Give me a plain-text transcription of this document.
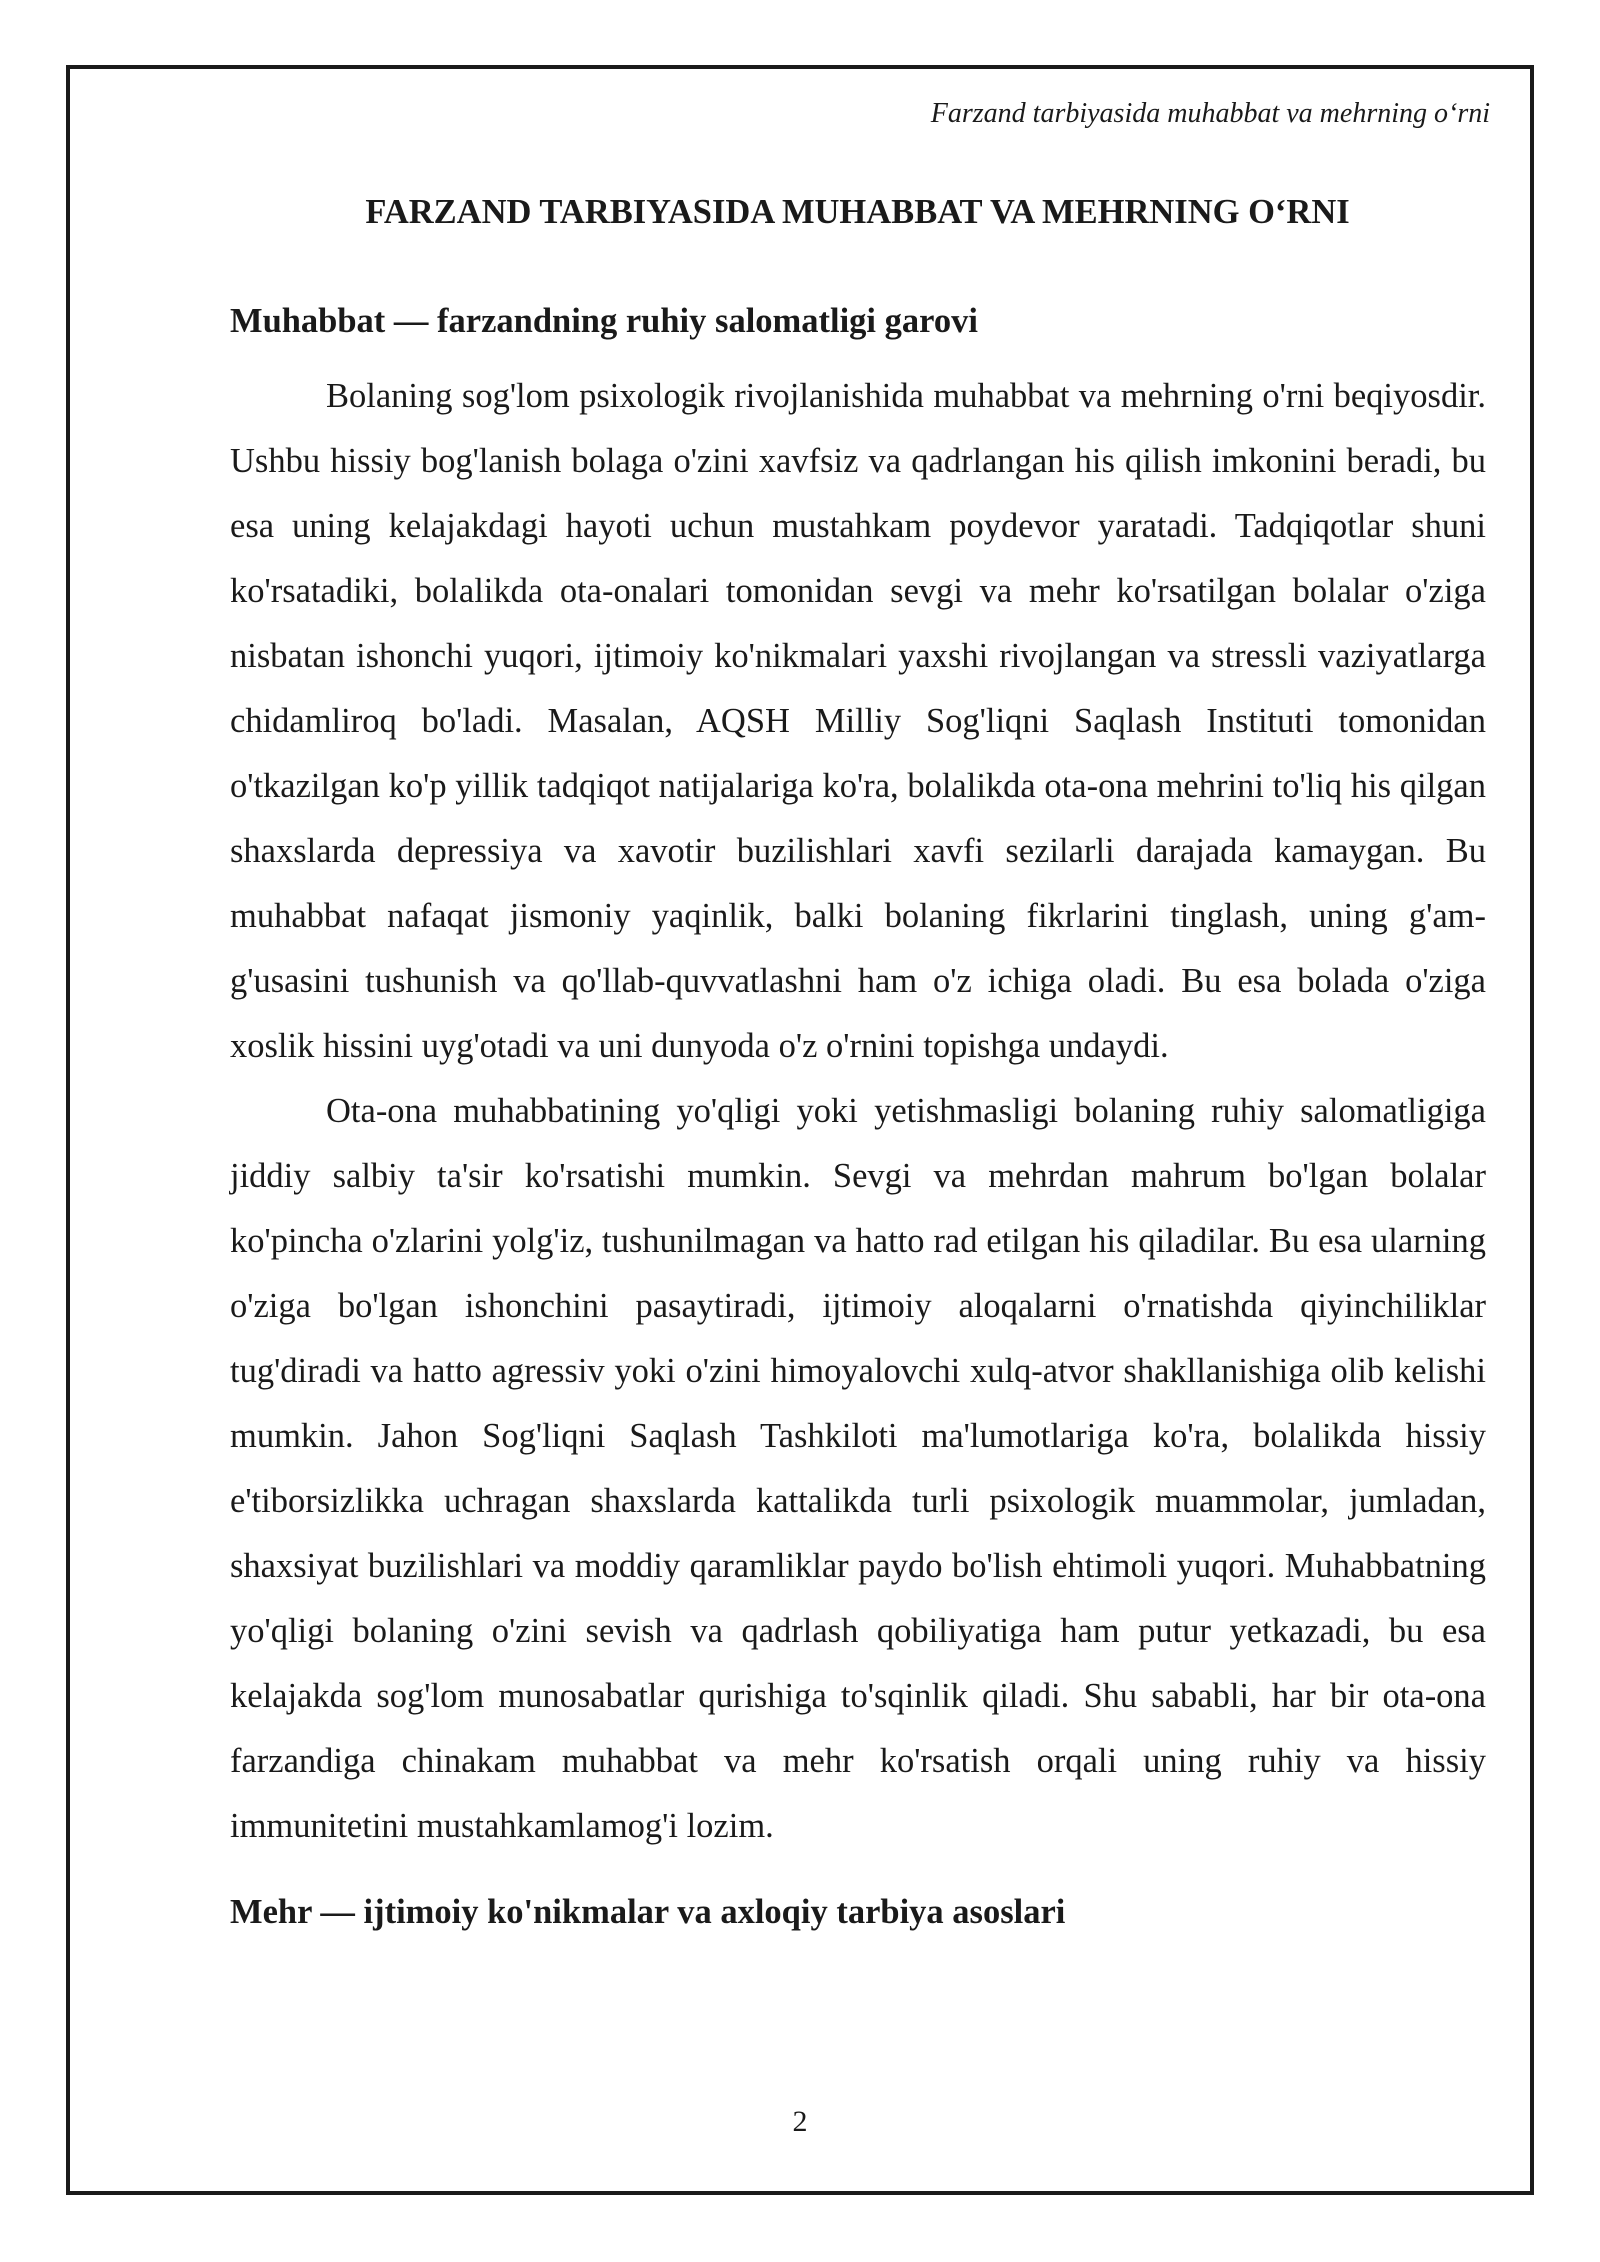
Farzand tarbiyasida muhabbat va mehrning o‘rni
FARZAND TARBIYASIDA MUHABBAT VA MEHRNING O‘RNI
Muhabbat — farzandning ruhiy salomatligi garovi

Bolaning sog'lom psixologik rivojlanishida muhabbat va mehrning o'rni beqiyosdir. Ushbu hissiy bog'lanish bolaga o'zini xavfsiz va qadrlangan his qilish imkonini beradi, bu esa uning kelajakdagi hayoti uchun mustahkam poydevor yaratadi. Tadqiqotlar shuni ko'rsatadiki, bolalikda ota-onalari tomonidan sevgi va mehr ko'rsatilgan bolalar o'ziga nisbatan ishonchi yuqori, ijtimoiy ko'nikmalari yaxshi rivojlangan va stressli vaziyatlarga chidamliroq bo'ladi. Masalan, AQSH Milliy Sog'liqni Saqlash Instituti tomonidan o'tkazilgan ko'p yillik tadqiqot natijalariga ko'ra, bolalikda ota-ona mehrini to'liq his qilgan shaxslarda depressiya va xavotir buzilishlari xavfi sezilarli darajada kamaygan. Bu muhabbat nafaqat jismoniy yaqinlik, balki bolaning fikrlarini tinglash, uning g'am-g'usasini tushunish va qo'llab-quvvatlashni ham o'z ichiga oladi. Bu esa bolada o'ziga xoslik hissini uyg'otadi va uni dunyoda o'z o'rnini topishga undaydi.

Ota-ona muhabbatining yo'qligi yoki yetishmasligi bolaning ruhiy salomatligiga jiddiy salbiy ta'sir ko'rsatishi mumkin. Sevgi va mehrdan mahrum bo'lgan bolalar ko'pincha o'zlarini yolg'iz, tushunilmagan va hatto rad etilgan his qiladilar. Bu esa ularning o'ziga bo'lgan ishonchini pasaytiradi, ijtimoiy aloqalarni o'rnatishda qiyinchiliklar tug'diradi va hatto agressiv yoki o'zini himoyalovchi xulq-atvor shakllanishiga olib kelishi mumkin. Jahon Sog'liqni Saqlash Tashkiloti ma'lumotlariga ko'ra, bolalikda hissiy e'tiborsizlikka uchragan shaxslarda kattalikda turli psixologik muammolar, jumladan, shaxsiyat buzilishlari va moddiy qaramliklar paydo bo'lish ehtimoli yuqori. Muhabbatning yo'qligi bolaning o'zini sevish va qadrlash qobiliyatiga ham putur yetkazadi, bu esa kelajakda sog'lom munosabatlar qurishiga to'sqinlik qiladi. Shu sababli, har bir ota-ona farzandiga chinakam muhabbat va mehr ko'rsatish orqali uning ruhiy va hissiy immunitetini mustahkamlamog'i lozim.

Mehr — ijtimoiy ko'nikmalar va axloqiy tarbiya asoslari
2
